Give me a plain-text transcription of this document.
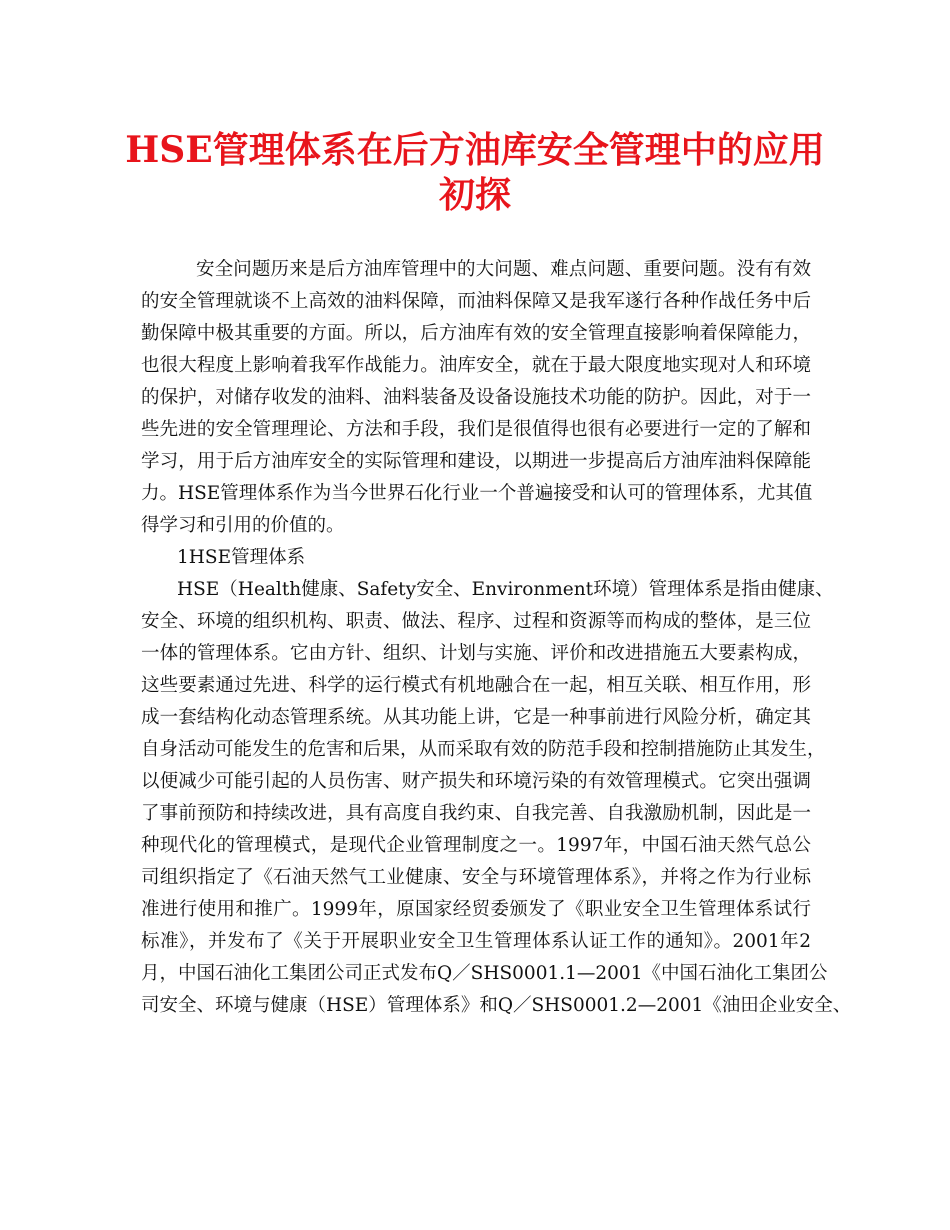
HSE管理体系在后方油库安全管理中的应用
初探
安全问题历来是后方油库管理中的大问题、难点问题、重要问题。没有有效
的安全管理就谈不上高效的油料保障，而油料保障又是我军遂行各种作战任务中后
勤保障中极其重要的方面。所以，后方油库有效的安全管理直接影响着保障能力，
也很大程度上影响着我军作战能力。油库安全，就在于最大限度地实现对人和环境
的保护，对储存收发的油料、油料装备及设备设施技术功能的防护。因此，对于一
些先进的安全管理理论、方法和手段，我们是很值得也很有必要进行一定的了解和
学习，用于后方油库安全的实际管理和建设，以期进一步提高后方油库油料保障能
力。HSE管理体系作为当今世界石化行业一个普遍接受和认可的管理体系，尤其值
得学习和引用的价值的。
1HSE管理体系
HSE（Health健康、Safety安全、Environment环境）管理体系是指由健康、
安全、环境的组织机构、职责、做法、程序、过程和资源等而构成的整体，是三位
一体的管理体系。它由方针、组织、计划与实施、评价和改进措施五大要素构成，
这些要素通过先进、科学的运行模式有机地融合在一起，相互关联、相互作用，形
成一套结构化动态管理系统。从其功能上讲，它是一种事前进行风险分析，确定其
自身活动可能发生的危害和后果，从而采取有效的防范手段和控制措施防止其发生，
以便减少可能引起的人员伤害、财产损失和环境污染的有效管理模式。它突出强调
了事前预防和持续改进，具有高度自我约束、自我完善、自我激励机制，因此是一
种现代化的管理模式，是现代企业管理制度之一。1997年，中国石油天然气总公
司组织指定了《石油天然气工业健康、安全与环境管理体系》，并将之作为行业标
准进行使用和推广。1999年，原国家经贸委颁发了《职业安全卫生管理体系试行
标准》，并发布了《关于开展职业安全卫生管理体系认证工作的通知》。2001年2
月，中国石油化工集团公司正式发布Q／SHS0001.1—2001《中国石油化工集团公
司安全、环境与健康（HSE）管理体系》和Q／SHS0001.2—2001《油田企业安全、
